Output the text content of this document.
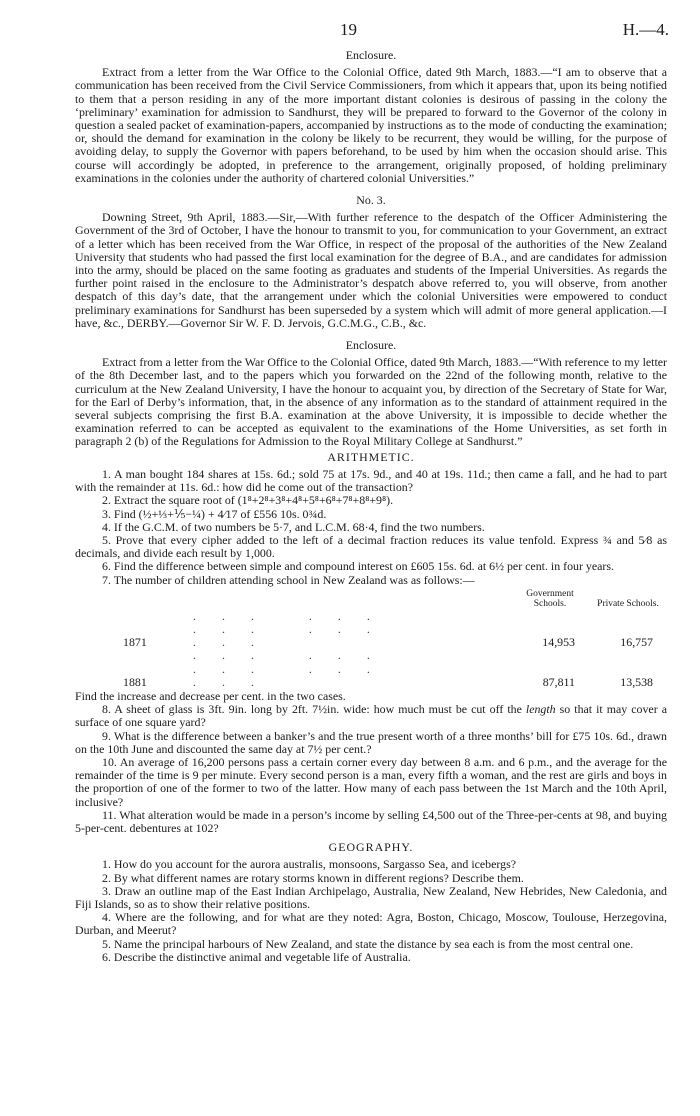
19	H.—4.
Enclosure.

Extract from a letter from the War Office to the Colonial Office, dated 9th March, 1883.—“I am to observe that a communication has been received from the Civil Service Commissioners, from which it appears that, upon its being notified to them that a person residing in any of the more important distant colonies is desirous of passing in the colony the ‘preliminary’ examination for admission to Sandhurst, they will be prepared to forward to the Governor of the colony in question a sealed packet of examination-papers, accompanied by instructions as to the mode of conducting the examination; or, should the demand for examination in the colony be likely to be recurrent, they would be willing, for the purpose of avoiding delay, to supply the Governor with papers beforehand, to be used by him when the occasion should arise. This course will accordingly be adopted, in preference to the arrangement, originally proposed, of holding preliminary examinations in the colonies under the authority of chartered colonial Universities.”

No. 3.

Downing Street, 9th April, 1883.—Sir,—With further reference to the despatch of the Officer Administering the Government of the 3rd of October, I have the honour to transmit to you, for communication to your Government, an extract of a letter which has been received from the War Office, in respect of the proposal of the authorities of the New Zealand University that students who had passed the first local examination for the degree of B.A., and are candidates for admission into the army, should be placed on the same footing as graduates and students of the Imperial Universities. As regards the further point raised in the enclosure to the Administrator’s despatch above referred to, you will observe, from another despatch of this day’s date, that the arrangement under which the colonial Universities were empowered to conduct preliminary examinations for Sandhurst has been superseded by a system which will admit of more general application.—I have, &c., DERBY.—Governor Sir W. F. D. Jervois, G.C.M.G., C.B., &c.

Enclosure.

Extract from a letter from the War Office to the Colonial Office, dated 9th March, 1883.—“With reference to my letter of the 8th December last, and to the papers which you forwarded on the 22nd of the following month, relative to the curriculum at the New Zealand University, I have the honour to acquaint you, by direction of the Secretary of State for War, for the Earl of Derby’s information, that, in the absence of any information as to the standard of attainment required in the several subjects comprising the first B.A. examination at the above University, it is impossible to decide whether the examination referred to can be accepted as equivalent to the examinations of the Home Universities, as set forth in paragraph 2 (b) of the Regulations for Admission to the Royal Military College at Sandhurst.”

ARITHMETIC.

1. A man bought 184 shares at 15s. 6d.; sold 75 at 17s. 9d., and 40 at 19s. 11d.; then came a fall, and he had to part with the remainder at 11s. 6d.: how did he come out of the transaction?

2. Extract the square root of (1⁸+2⁸+3⁸+4⁸+5⁸+6⁸+7⁸+8⁸+9⁸).

3. Find (½+⅓+⅕−¼) + 4⁄17 of £556 10s. 0¾d.

4. If the G.C.M. of two numbers be 5·7, and L.C.M. 68·4, find the two numbers.

5. Prove that every cipher added to the left of a decimal fraction reduces its value tenfold. Express ¾ and 5⁄8 as decimals, and divide each result by 1,000.

6. Find the difference between simple and compound interest on £605 15s. 6d. at 6½ per cent. in four years.

7. The number of children attending school in New Zealand was as follows:—

		Government Schools.	Private Schools.
1871	... ... ... ... ...	14,953	16,757
1881	... ... ... ... ...	87,811	13,538
Find the increase and decrease per cent. in the two cases.

8. A sheet of glass is 3ft. 9in. long by 2ft. 7½in. wide: how much must be cut off the length so that it may cover a surface of one square yard?

9. What is the difference between a banker’s and the true present worth of a three months’ bill for £75 10s. 6d., drawn on the 10th June and discounted the same day at 7½ per cent.?

10. An average of 16,200 persons pass a certain corner every day between 8 a.m. and 6 p.m., and the average for the remainder of the time is 9 per minute. Every second person is a man, every fifth a woman, and the rest are girls and boys in the proportion of one of the former to two of the latter. How many of each pass between the 1st March and the 10th April, inclusive?

11. What alteration would be made in a person’s income by selling £4,500 out of the Three-per-cents at 98, and buying 5-per-cent. debentures at 102?

GEOGRAPHY.

1. How do you account for the aurora australis, monsoons, Sargasso Sea, and icebergs?

2. By what different names are rotary storms known in different regions? Describe them.

3. Draw an outline map of the East Indian Archipelago, Australia, New Zealand, New Hebrides, New Caledonia, and Fiji Islands, so as to show their relative positions.

4. Where are the following, and for what are they noted: Agra, Boston, Chicago, Moscow, Toulouse, Herzegovina, Durban, and Meerut?

5. Name the principal harbours of New Zealand, and state the distance by sea each is from the most central one.

6. Describe the distinctive animal and vegetable life of Australia.
